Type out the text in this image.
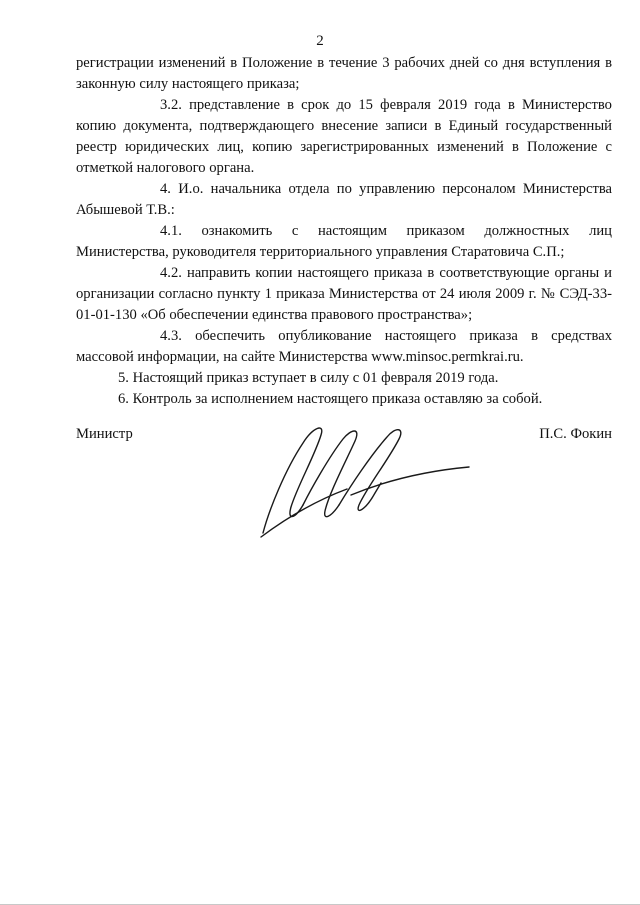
2

регистрации изменений в Положение в течение 3 рабочих дней со дня вступления в законную силу настоящего приказа;

3.2. представление в срок до 15 февраля 2019 года в Министерство копию документа, подтверждающего внесение записи в Единый государственный реестр юридических лиц, копию зарегистрированных изменений в Положение с отметкой налогового органа.

4. И.о. начальника отдела по управлению персоналом Министерства Абышевой Т.В.:

4.1. ознакомить с настоящим приказом должностных лиц Министерства, руководителя территориального управления Старатовича С.П.;

4.2. направить копии настоящего приказа в соответствующие органы и организации согласно пункту 1 приказа Министерства от 24 июля 2009 г. № СЭД-33-01-01-130 «Об обеспечении единства правового пространства»;

4.3. обеспечить опубликование настоящего приказа в средствах массовой информации, на сайте Министерства www.minsoc.permkrai.ru.

5. Настоящий приказ вступает в силу с 01 февраля 2019 года.

6. Контроль за исполнением настоящего приказа оставляю за собой.

Министр	П.С. Фокин
